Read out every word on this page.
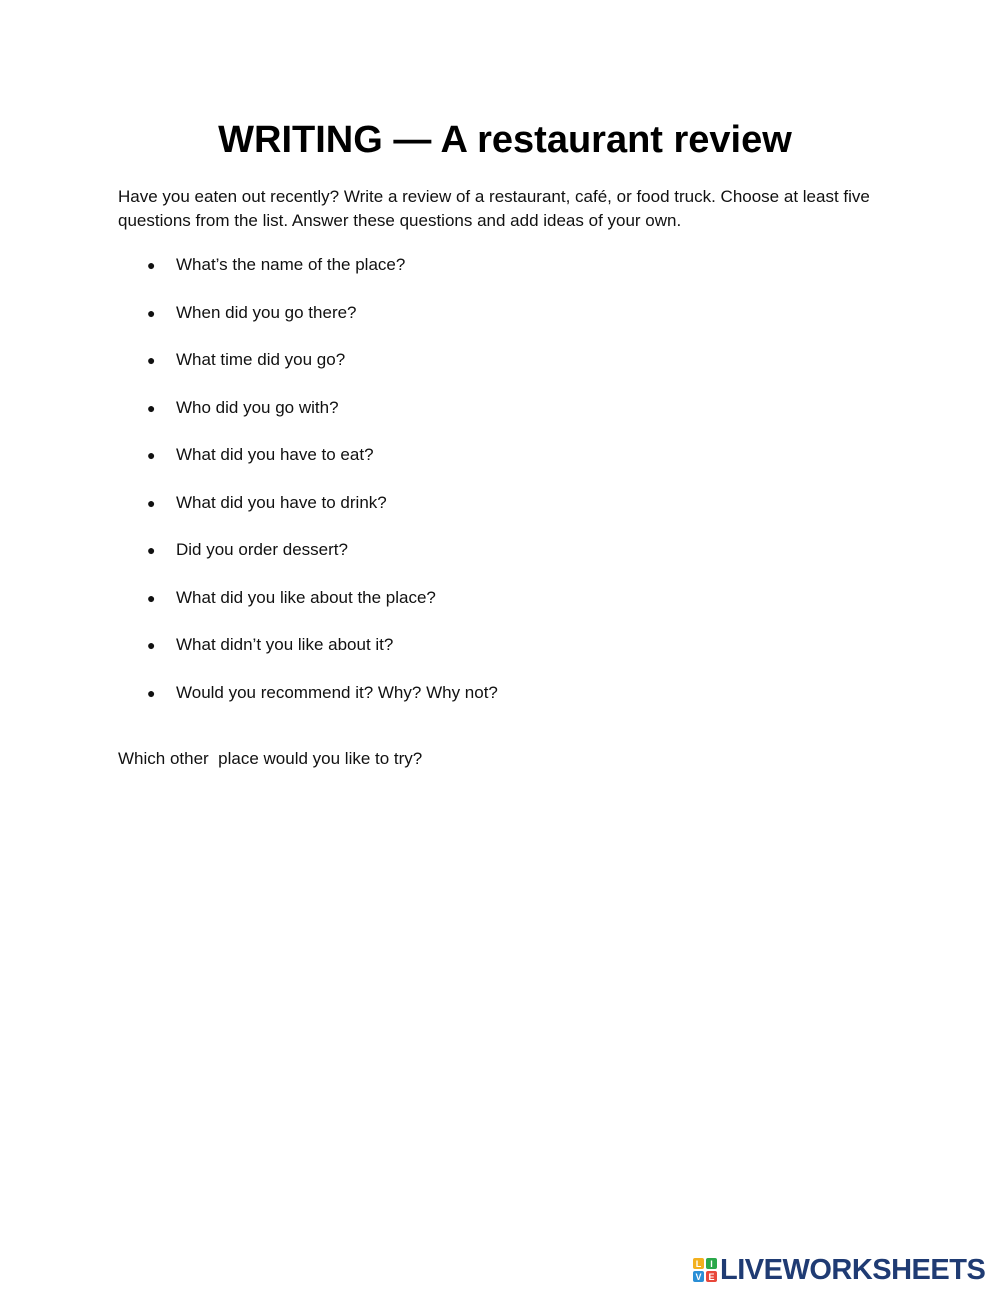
WRITING — A restaurant review

Have you eaten out recently? Write a review of a restaurant, café, or food truck. Choose at least five questions from the list. Answer these questions and add ideas of your own.

● What’s the name of the place?
● When did you go there?
● What time did you go?
● Who did you go with?
● What did you have to eat?
● What did you have to drink?
● Did you order dessert?
● What did you like about the place?
● What didn’t you like about it?
● Would you recommend it? Why? Why not?

Which other  place would you like to try?

L I
V E LIVEWORKSHEETS
